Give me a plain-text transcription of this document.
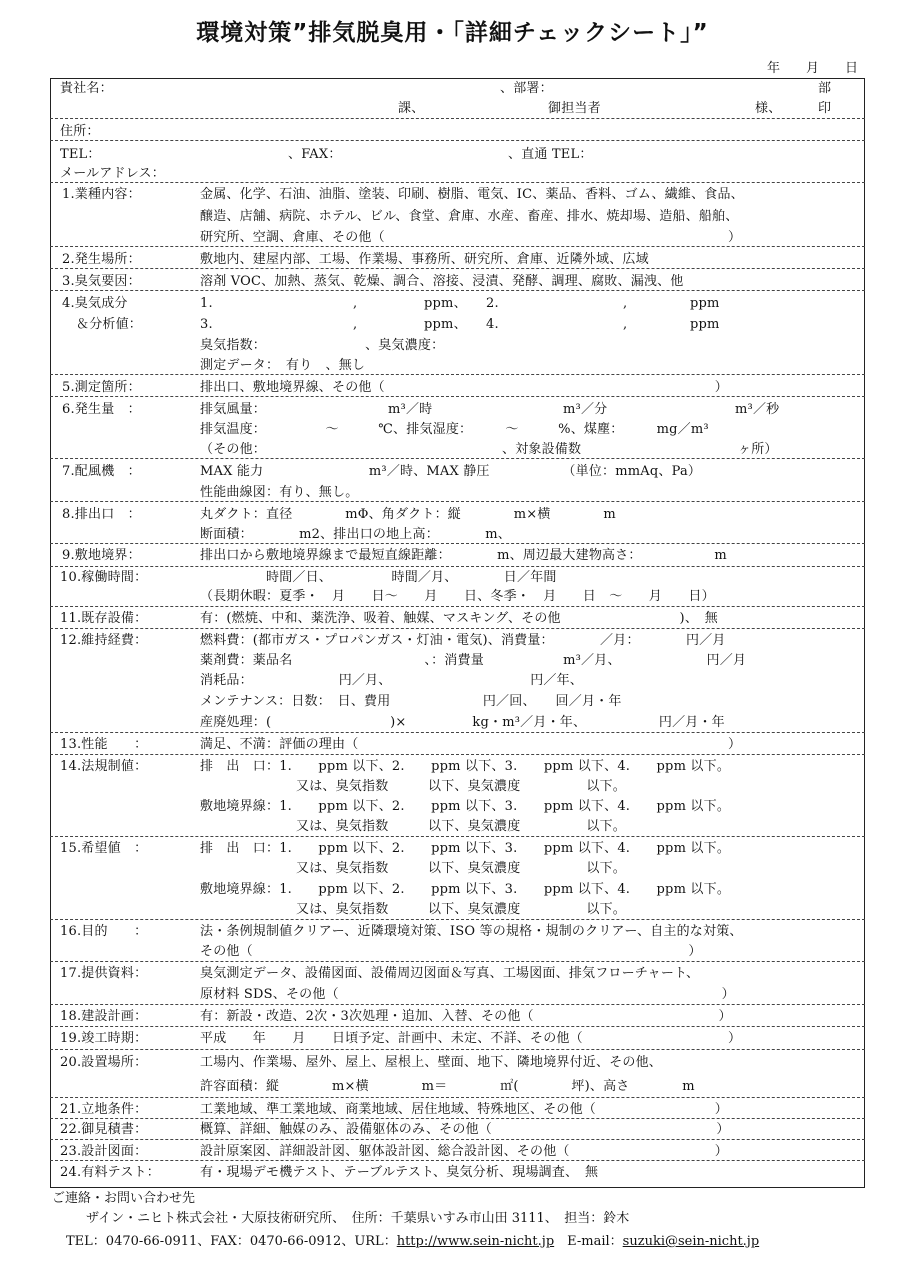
環境対策”排気脱臭用・｢詳細チェックシート｣”
年　　月　　日
貴社名：	、部署：	部
課、	御担当者	様、	印
住所：
TEL：	、FAX：	、直通 TEL：
メールアドレス：
1.業種内容：	金属、化学、石油、油脂、塗装、印刷、樹脂、電気、IC、薬品、香料、ゴム、繊維、食品、
醸造、店舗、病院、ホテル、ビル、食堂、倉庫、水産、畜産、排水、焼却場、造船、船舶、
研究所、空調、倉庫、その他（　　　　　　　　　　　　　　　　　　　　　　　　　　）
2.発生場所：	敷地内、建屋内部、工場、作業場、事務所、研究所、倉庫、近隣外域、広域
3.臭気要因：	溶剤 VOC、加熱、蒸気、乾燥、調合、溶接、浸漬、発酵、調理、腐敗、漏洩、他
4.臭気成分	1.	,	ppm、 2.	,	ppm
＆分析値：	3.	,	ppm、 4.	,	ppm
臭気指数：　　　　　　　　、臭気濃度：
測定データ：　有り　、無し
5.測定箇所：	排出口、敷地境界線、その他（　　　　　　　　　　　　　　　　　　　　　　　　　）
6.発生量　：	排気風量：	m³／時	m³／分	m³／秒
排気温度：　　　　　～　　　℃、排気湿度：　　　～　　　%、煤塵：　　　mg／m³
（その他：	、対象設備数	ヶ所）
7.配風機　：	MAX 能力　　　　　　　　m³／時、MAX 静圧　　　　　　（単位：mmAq、Pa）
性能曲線図：有り、無し。
8.排出口　：	丸ダクト：直径　　　　mΦ、角ダクト：縦　　　　m×横　　　　m
断面積：　　　　m2、排出口の地上高：　　　　m、
9.敷地境界：	排出口から敷地境界線まで最短直線距離：　　　　m、周辺最大建物高さ：　　　　　　m
10.稼働時間：	　　　　　時間／日、　　　　　時間／月、　　　　日／年間
（長期休暇：夏季・　月　　日～　　月　　日、冬季・　月　　日　～　　月　　日）
11.既存設備：	有：(燃焼、中和、薬洗浄、吸着、触媒、マスキング、その他　　　　　　　　　)、　無
12.維持経費：	燃料費：(都市ガス・プロパンガス・灯油・電気)、消費量：　　　　／月：　　　　円／月
薬剤費：薬品名　　　　　　　　　　、：消費量　　　　　　m³／月、　　　　　　　円／月
消耗品：　　　　　　　円／月、　　　　　　　　　　　円／年、
メンテナンス：日数：　日、費用　　　　　　　円／回、　　回／月・年
産廃処理：(　　　　　　　　　)×　　　　　kg・m³／月・年、　　　　　　円／月・年
13.性能　　：	満足、不満：評価の理由（　　　　　　　　　　　　　　　　　　　　　　　　　　　　）
14.法規制値：	排　出　口：1.　　ppm 以下、2.　　ppm 以下、3.　　ppm 以下、4.　　ppm 以下。
又は、臭気指数　　　以下、臭気濃度　　　　　以下。
敷地境界線：1.　　ppm 以下、2.　　ppm 以下、3.　　ppm 以下、4.　　ppm 以下。
又は、臭気指数　　　以下、臭気濃度　　　　　以下。
15.希望値　：	排　出　口：1.　　ppm 以下、2.　　ppm 以下、3.　　ppm 以下、4.　　ppm 以下。
又は、臭気指数　　　以下、臭気濃度　　　　　以下。
敷地境界線：1.　　ppm 以下、2.　　ppm 以下、3.　　ppm 以下、4.　　ppm 以下。
又は、臭気指数　　　以下、臭気濃度　　　　　以下。
16.目的　　：	法・条例規制値クリアー、近隣環境対策、ISO 等の規格・規制のクリアー、自主的な対策、
その他（　　　　　　　　　　　　　　　　　　　　　　　　　　　　　　　　　）
17.提供資料：	臭気測定データ、設備図面、設備周辺図面＆写真、工場図面、排気フローチャート、
原材料 SDS、その他（　　　　　　　　　　　　　　　　　　　　　　　　　　　　　）
18.建設計画：	有：新設・改造、2次・3次処理・追加、入替、その他（　　　　　　　　　　　　　　）
19.竣工時期：	平成　　年　　月　　日頃予定、計画中、未定、不詳、その他（　　　　　　　　　　　）
20.設置場所：	工場内、作業場、屋外、屋上、屋根上、壁面、地下、隣地境界付近、その他、
許容面積：縦　　　　m×横　　　　m＝　　　　㎡(　　　　坪)、高さ　　　　m
21.立地条件：	工業地域、準工業地域、商業地域、居住地域、特殊地区、その他（　　　　　　　　　）
22.御見積書：	概算、詳細、触媒のみ、設備躯体のみ、その他（　　　　　　　　　　　　　　　　　）
23.設計図面：	設計原案図、詳細設計図、躯体設計図、総合設計図、その他（　　　　　　　　　　　）
24.有料テスト：	有・現場デモ機テスト、テーブルテスト、臭気分析、現場調査、　無
ご連絡・お問い合わせ先
ザイン・ニヒト株式会社・大原技術研究所、　住所：千葉県いすみ市山田 3111、　担当：鈴木
TEL：0470-66-0911、FAX：0470-66-0912、URL：http://www.sein-nicht.jp　E-mail：suzuki@sein-nicht.jp
